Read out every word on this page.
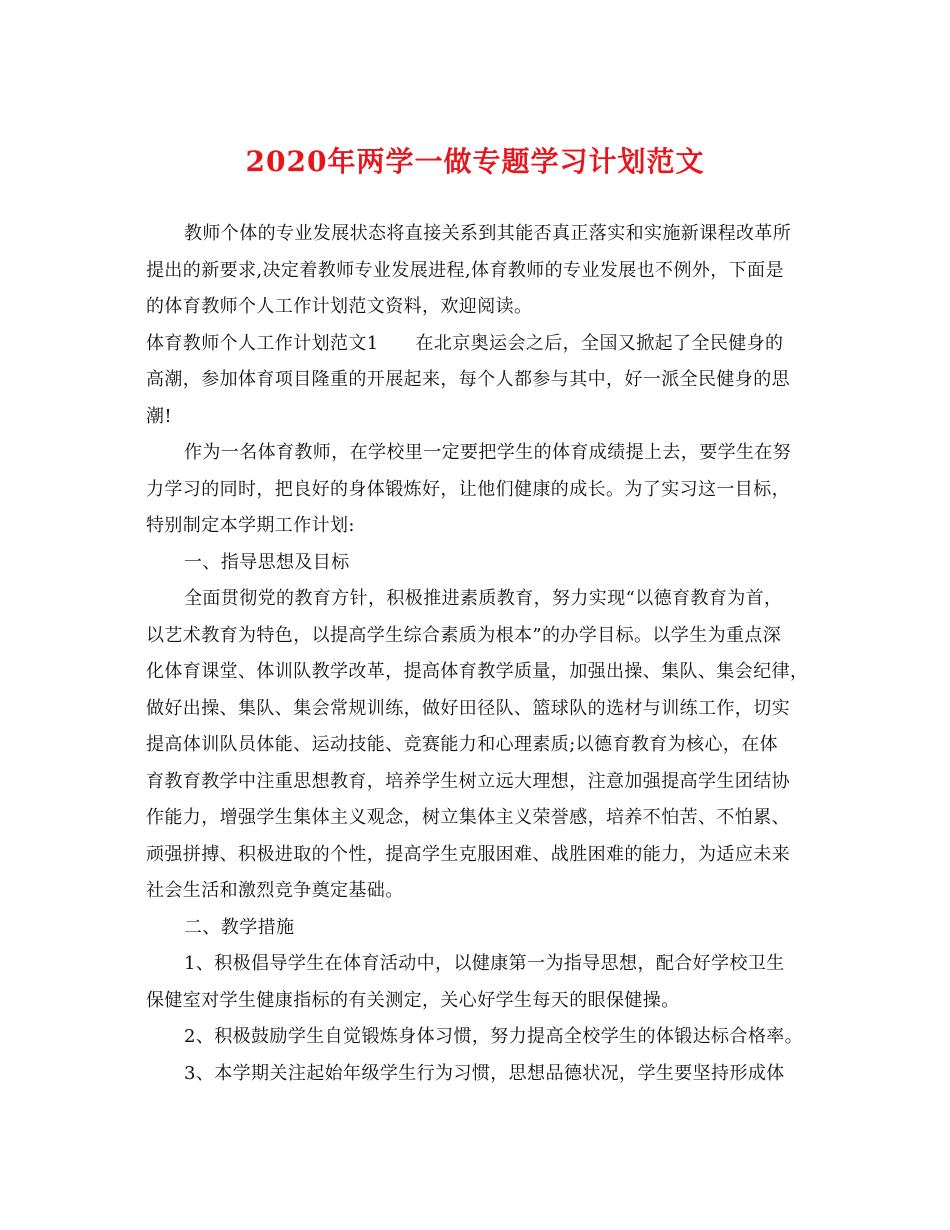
2020年两学一做专题学习计划范文
教师个体的专业发展状态将直接关系到其能否真正落实和实施新课程改革所
提出的新要求,决定着教师专业发展进程,体育教师的专业发展也不例外，下面是
的体育教师个人工作计划范文资料，欢迎阅读。
体育教师个人工作计划范文1　　在北京奥运会之后，全国又掀起了全民健身的
高潮，参加体育项目隆重的开展起来，每个人都参与其中，好一派全民健身的思
潮!
作为一名体育教师，在学校里一定要把学生的体育成绩提上去，要学生在努
力学习的同时，把良好的身体锻炼好，让他们健康的成长。为了实习这一目标，
特别制定本学期工作计划:
一、指导思想及目标
全面贯彻党的教育方针，积极推进素质教育，努力实现“以德育教育为首，
以艺术教育为特色，以提高学生综合素质为根本”的办学目标。以学生为重点深
化体育课堂、体训队教学改革，提高体育教学质量，加强出操、集队、集会纪律，
做好出操、集队、集会常规训练，做好田径队、篮球队的选材与训练工作，切实
提高体训队员体能、运动技能、竞赛能力和心理素质;以德育教育为核心，在体
育教育教学中注重思想教育，培养学生树立远大理想，注意加强提高学生团结协
作能力，增强学生集体主义观念，树立集体主义荣誉感，培养不怕苦、不怕累、
顽强拼搏、积极进取的个性，提高学生克服困难、战胜困难的能力，为适应未来
社会生活和激烈竞争奠定基础。
二、教学措施
1、积极倡导学生在体育活动中，以健康第一为指导思想，配合好学校卫生
保健室对学生健康指标的有关测定，关心好学生每天的眼保健操。
2、积极鼓励学生自觉锻炼身体习惯，努力提高全校学生的体锻达标合格率。
3、本学期关注起始年级学生行为习惯，思想品德状况，学生要坚持形成体
